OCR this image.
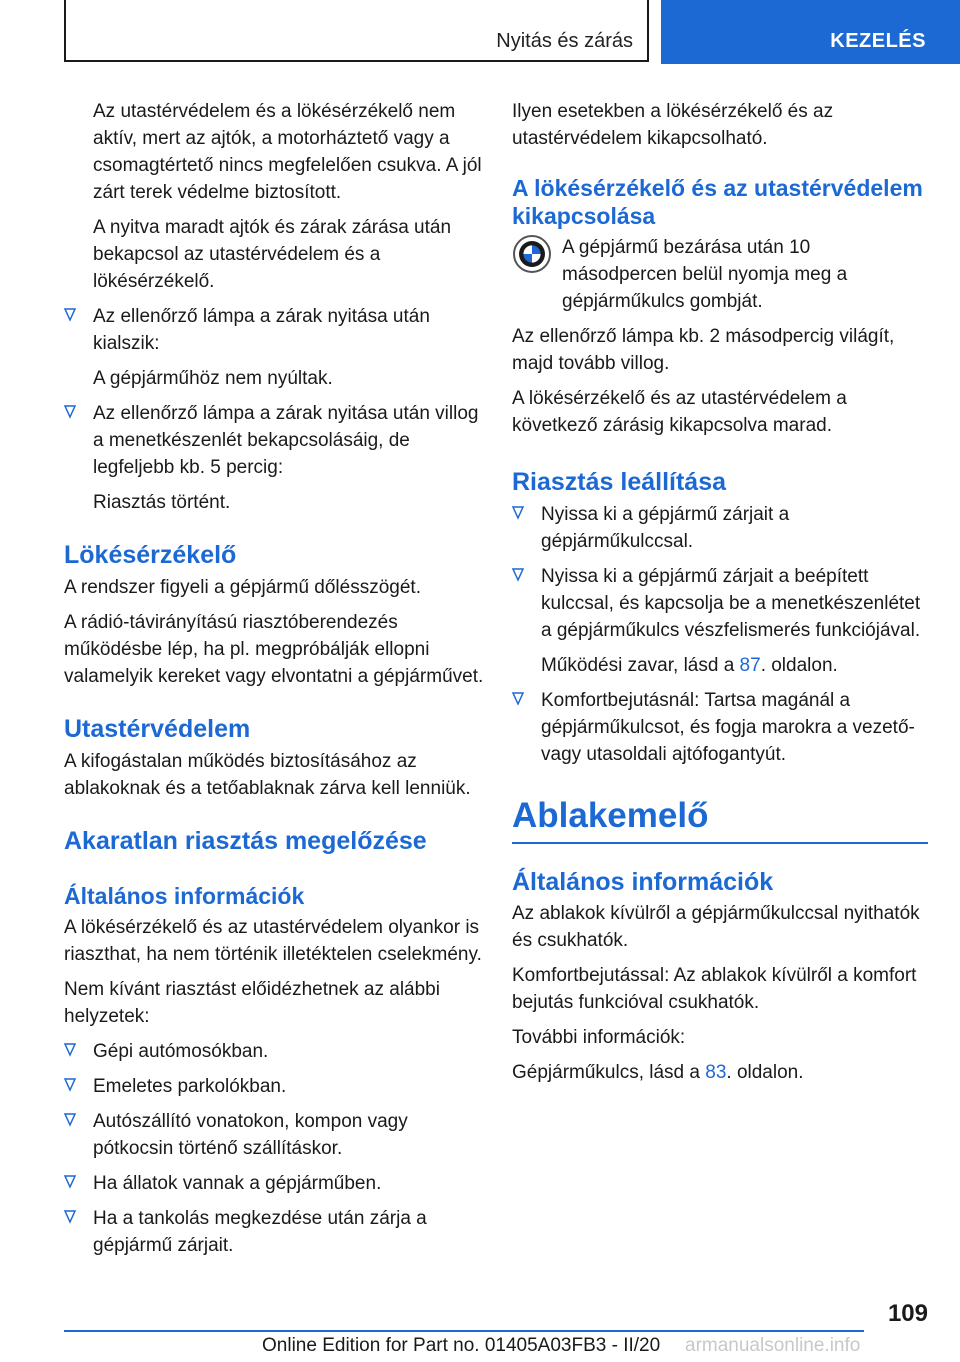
Nyitás és zárás	KEZELÉS

Az utastérvédelem és a lökésérzékelő nem aktív, mert az ajtók, a motorháztető vagy a csomagtértető nincs megfelelően csukva. A jól zárt terek védelme biztosított.

A nyitva maradt ajtók és zárak zárása után bekapcsol az utastérvédelem és a lökésérzékelő.

Az ellenőrző lámpa a zárak nyitása után kialszik:

A gépjárműhöz nem nyúltak.

Az ellenőrző lámpa a zárak nyitása után villog a menetkészenlét bekapcsolásáig, de legfeljebb kb. 5 percig:

Riasztás történt.

Lökésérzékelő

A rendszer figyeli a gépjármű dőlésszögét.

A rádió-távirányítású riasztóberendezés működésbe lép, ha pl. megpróbálják ellopni valamelyik kereket vagy elvontatni a gépjárművet.

Utastérvédelem

A kifogástalan működés biztosításához az ablakoknak és a tetőablaknak zárva kell lenniük.

Akaratlan riasztás megelőzése
Általános információk

A lökésérzékelő és az utastérvédelem olyankor is riaszthat, ha nem történik illetéktelen cselekmény.

Nem kívánt riasztást előidézhetnek az alábbi helyzetek:

Gépi autómosókban.

Emeletes parkolókban.

Autószállító vonatokon, kompon vagy pótkocsin történő szállításkor.

Ha állatok vannak a gépjárműben.

Ha a tankolás megkezdése után zárja a gépjármű zárjait.

Ilyen esetekben a lökésérzékelő és az utastérvédelem kikapcsolható.

A lökésérzékelő és az utastérvédelem kikapcsolása

A gépjármű bezárása után 10 másodpercen belül nyomja meg a gépjárműkulcs gombját.

Az ellenőrző lámpa kb. 2 másodpercig világít, majd tovább villog.

A lökésérzékelő és az utastérvédelem a következő zárásig kikapcsolva marad.

Riasztás leállítása

Nyissa ki a gépjármű zárjait a gépjárműkulccsal.

Nyissa ki a gépjármű zárjait a beépített kulccsal, és kapcsolja be a menetkészenlétet a gépjárműkulcs vészfelismerés funkciójával.

Működési zavar, lásd a 87. oldalon.

Komfortbejutásnál: Tartsa magánál a gépjárműkulcsot, és fogja marokra a vezető- vagy utasoldali ajtófogantyút.

Ablakemelő
Általános információk

Az ablakok kívülről a gépjárműkulccsal nyithatók és csukhatók.

Komfortbejutással: Az ablakok kívülről a komfort bejutás funkcióval csukhatók.

További információk:

Gépjárműkulcs, lásd a 83. oldalon.

109
Online Edition for Part no. 01405A03FB3 - II/20 armanualsonline.info
